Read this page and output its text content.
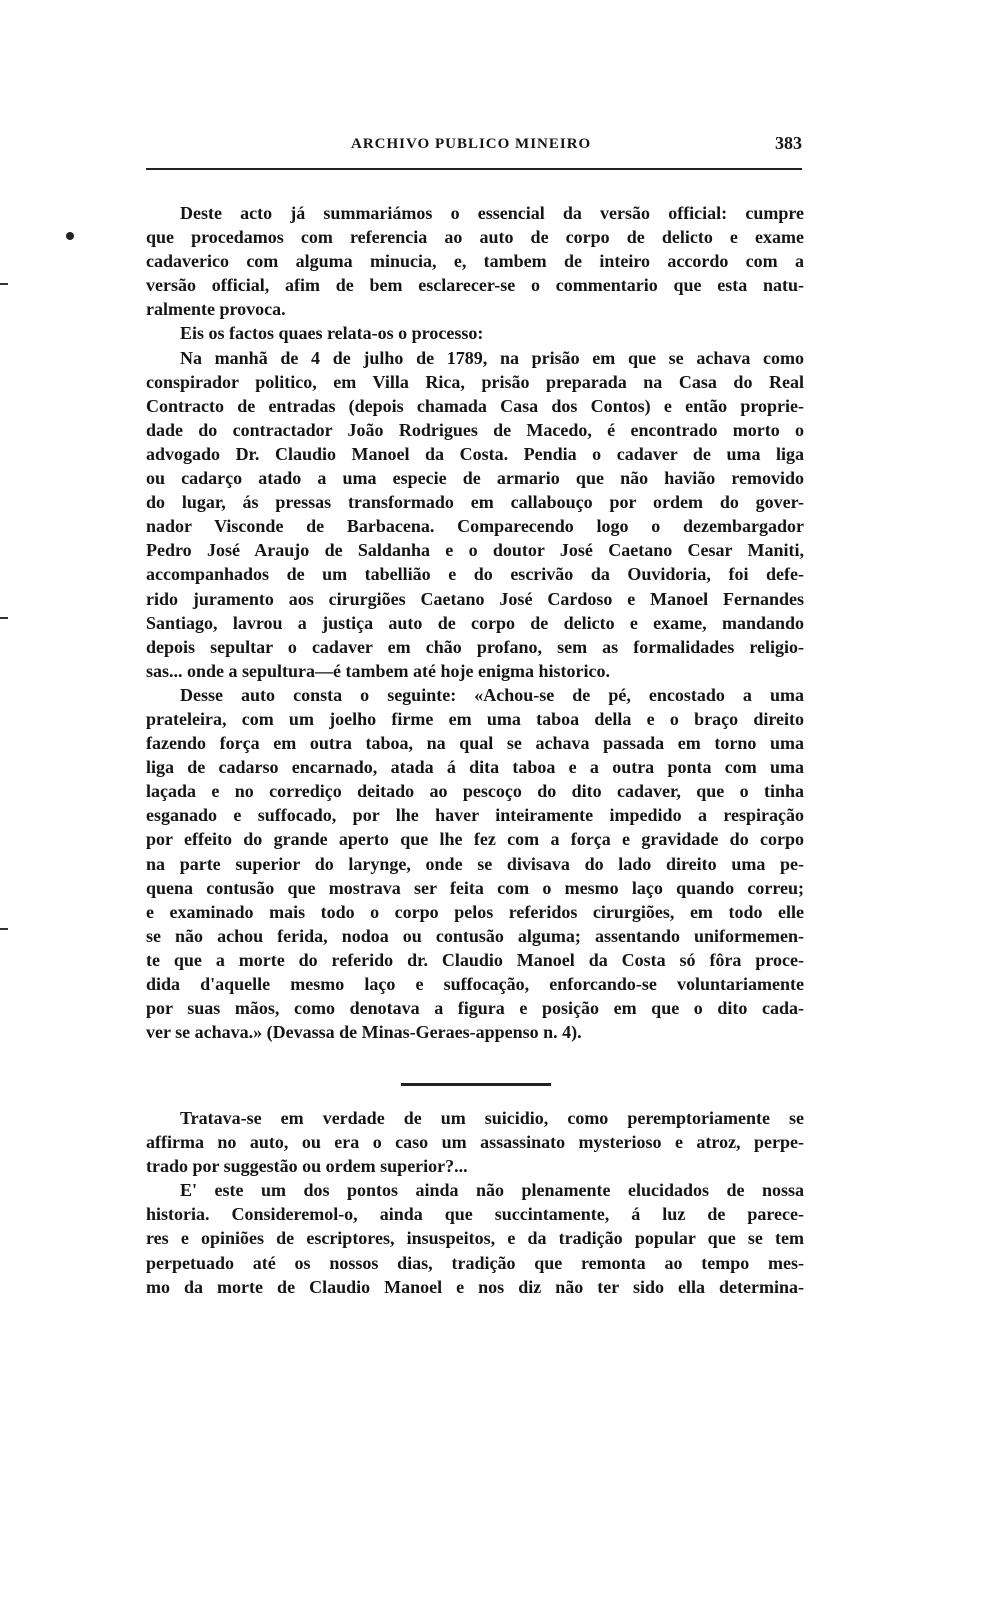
ARCHIVO PUBLICO MINEIRO	383
Deste acto já summariámos o essencial da versão official: cumpre
que procedamos com referencia ao auto de corpo de delicto e exame
cadaverico com alguma minucia, e, tambem de inteiro accordo com a
versão official, afim de bem esclarecer-se o commentario que esta natu-
ralmente provoca.
Eis os factos quaes relata-os o processo:
Na manhã de 4 de julho de 1789, na prisão em que se achava como
conspirador politico, em Villa Rica, prisão preparada na Casa do Real
Contracto de entradas (depois chamada Casa dos Contos) e então proprie-
dade do contractador João Rodrigues de Macedo, é encontrado morto o
advogado Dr. Claudio Manoel da Costa. Pendia o cadaver de uma liga
ou cadarço atado a uma especie de armario que não havião removido
do lugar, ás pressas transformado em callabouço por ordem do gover-
nador Visconde de Barbacena. Comparecendo logo o dezembargador
Pedro José Araujo de Saldanha e o doutor José Caetano Cesar Maniti,
accompanhados de um tabellião e do escrivão da Ouvidoria, foi defe-
rido juramento aos cirurgiões Caetano José Cardoso e Manoel Fernandes
Santiago, lavrou a justiça auto de corpo de delicto e exame, mandando
depois sepultar o cadaver em chão profano, sem as formalidades religio-
sas... onde a sepultura—é tambem até hoje enigma historico.
Desse auto consta o seguinte: «Achou-se de pé, encostado a uma
prateleira, com um joelho firme em uma taboa della e o braço direito
fazendo força em outra taboa, na qual se achava passada em torno uma
liga de cadarso encarnado, atada á dita taboa e a outra ponta com uma
laçada e no corrediço deitado ao pescoço do dito cadaver, que o tinha
esganado e suffocado, por lhe haver inteiramente impedido a respiração
por effeito do grande aperto que lhe fez com a força e gravidade do corpo
na parte superior do larynge, onde se divisava do lado direito uma pe-
quena contusão que mostrava ser feita com o mesmo laço quando correu;
e examinado mais todo o corpo pelos referidos cirurgiões, em todo elle
se não achou ferida, nodoa ou contusão alguma; assentando uniformemen-
te que a morte do referido dr. Claudio Manoel da Costa só fôra proce-
dida d'aquelle mesmo laço e suffocação, enforcando-se voluntariamente
por suas mãos, como denotava a figura e posição em que o dito cada-
ver se achava.» (Devassa de Minas-Geraes-appenso n. 4).
Tratava-se em verdade de um suicidio, como peremptoriamente se
affirma no auto, ou era o caso um assassinato mysterioso e atroz, perpe-
trado por suggestão ou ordem superior?...
E' este um dos pontos ainda não plenamente elucidados de nossa
historia. Consideremol-o, ainda que succintamente, á luz de parece-
res e opiniões de escriptores, insuspeitos, e da tradição popular que se tem
perpetuado até os nossos dias, tradição que remonta ao tempo mes-
mo da morte de Claudio Manoel e nos diz não ter sido ella determina-
